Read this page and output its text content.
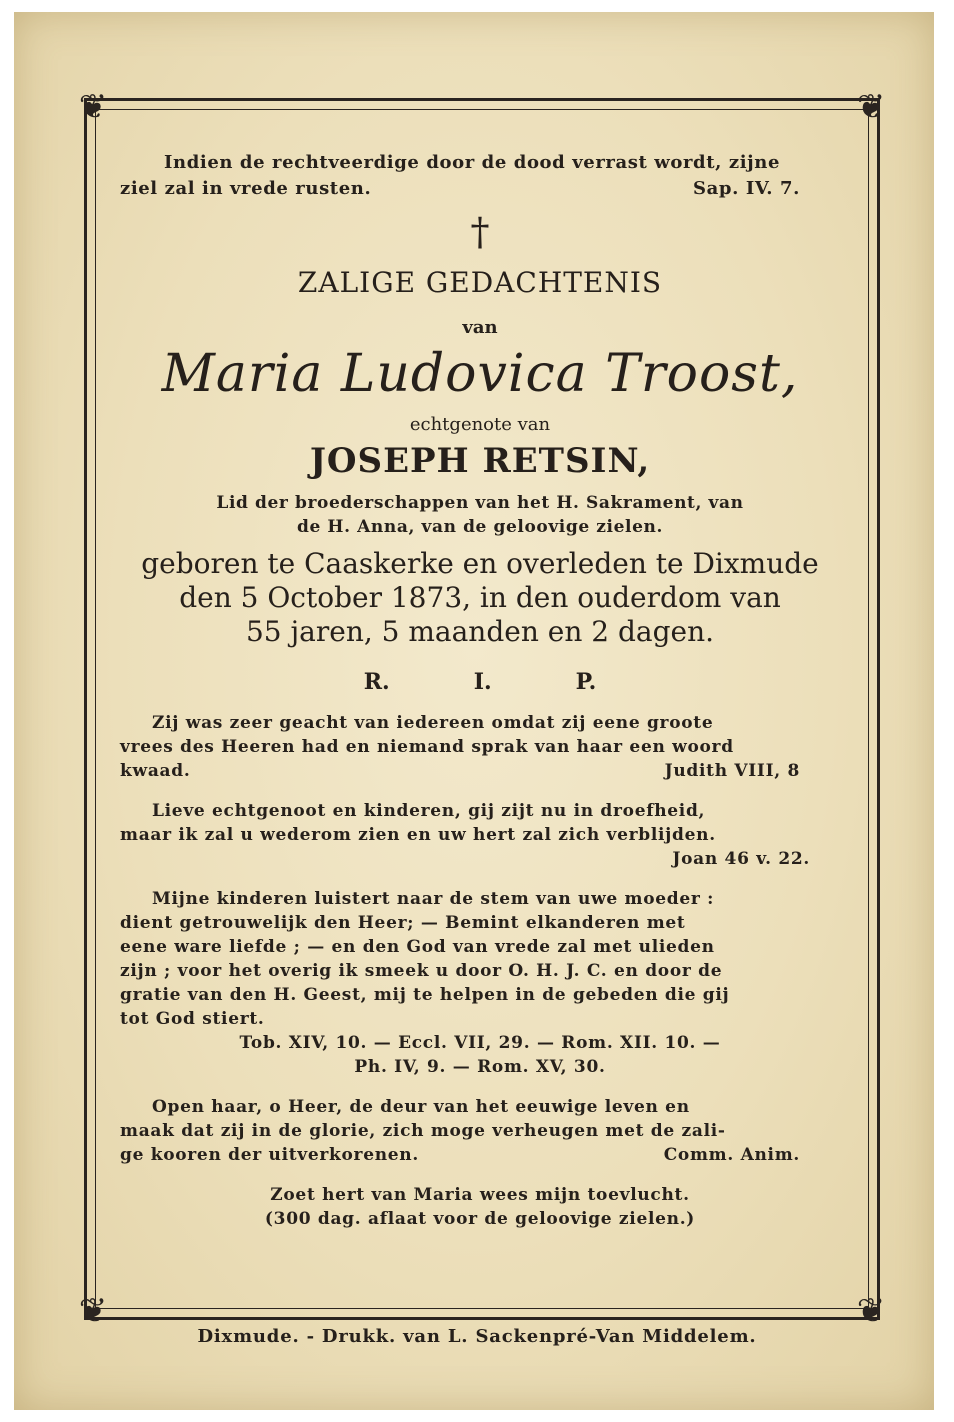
❦	❦
❦	❦
Indien de rechtveerdige door de dood verrast wordt, zijne
ziel zal in vrede rusten.	Sap. IV. 7.
†
ZALIGE GEDACHTENIS
van
Maria Ludovica Troost,
echtgenote van
JOSEPH RETSIN,
Lid der broederschappen van het H. Sakrament, van
de H. Anna, van de geloovige zielen.
geboren te Caaskerke en overleden te Dixmude
den 5 October 1873, in den ouderdom van
55 jaren, 5 maanden en 2 dagen.
R.	I.	P.
Zij was zeer geacht van iedereen omdat zij eene groote
vrees des Heeren had en niemand sprak van haar een woord
kwaad.	Judith VIII, 8
Lieve echtgenoot en kinderen, gij zijt nu in droefheid,
maar ik zal u wederom zien en uw hert zal zich verblijden.
Joan 46 v. 22.
Mijne kinderen luistert naar de stem van uwe moeder :
dient getrouwelijk den Heer; — Bemint elkanderen met
eene ware liefde ; — en den God van vrede zal met ulieden
zijn ; voor het overig ik smeek u door O. H. J. C. en door de
gratie van den H. Geest, mij te helpen in de gebeden die gij
tot God stiert.
Tob. XIV, 10. — Eccl. VII, 29. — Rom. XII. 10. —
Ph. IV, 9. — Rom. XV, 30.
Open haar, o Heer, de deur van het eeuwige leven en
maak dat zij in de glorie, zich moge verheugen met de zali-
ge kooren der uitverkorenen.	Comm. Anim.
Zoet hert van Maria wees mijn toevlucht.
(300 dag. aflaat voor de geloovige zielen.)
Dixmude. - Drukk. van L. Sackenpré-Van Middelem.
